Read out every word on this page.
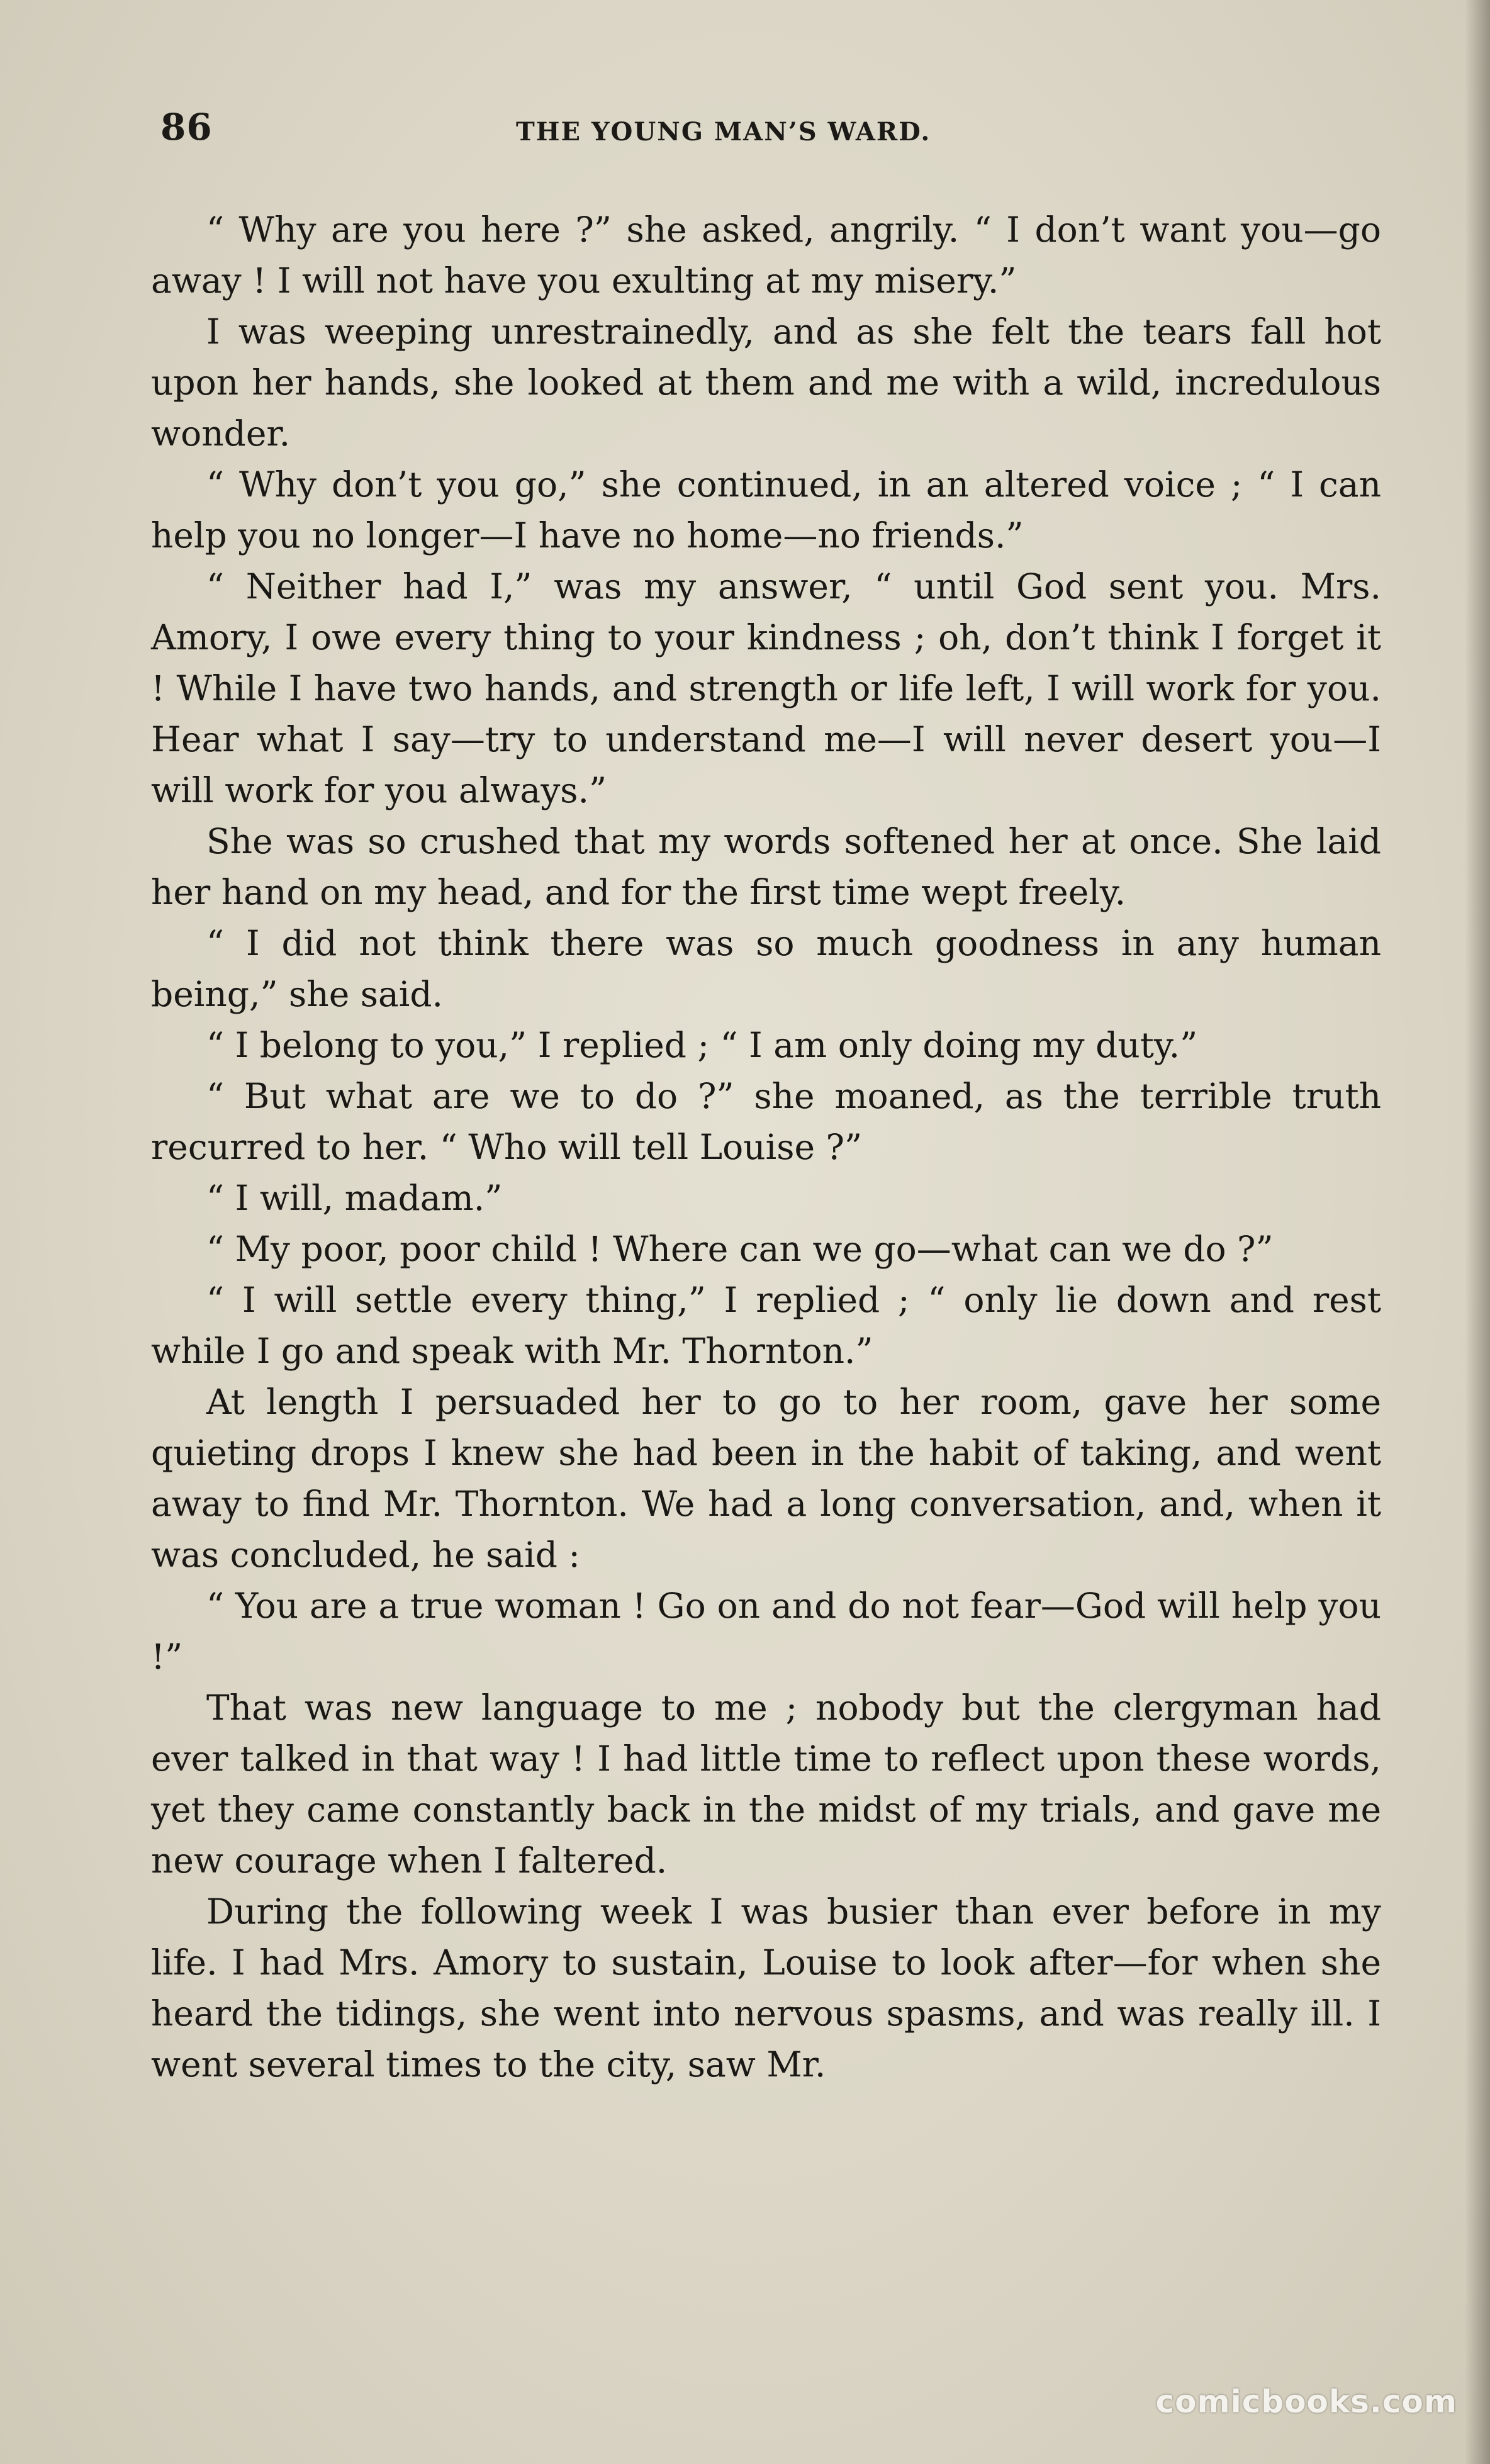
86	THE YOUNG MAN’S WARD.

“ Why are you here ?” she asked, angrily. “ I don’t want you—go away ! I will not have you exulting at my misery.”

I was weeping unrestrainedly, and as she felt the tears fall hot upon her hands, she looked at them and me with a wild, incredulous wonder.

“ Why don’t you go,” she continued, in an altered voice ; “ I can help you no longer—I have no home—no friends.”

“ Neither had I,” was my answer, “ until God sent you. Mrs. Amory, I owe every thing to your kindness ; oh, don’t think I forget it ! While I have two hands, and strength or life left, I will work for you. Hear what I say—try to understand me—I will never desert you—I will work for you always.”

She was so crushed that my words softened her at once. She laid her hand on my head, and for the first time wept freely.

“ I did not think there was so much goodness in any human being,” she said.

“ I belong to you,” I replied ; “ I am only doing my duty.”

“ But what are we to do ?” she moaned, as the terrible truth recurred to her. “ Who will tell Louise ?”

“ I will, madam.”

“ My poor, poor child ! Where can we go—what can we do ?”

“ I will settle every thing,” I replied ; “ only lie down and rest while I go and speak with Mr. Thornton.”

At length I persuaded her to go to her room, gave her some quieting drops I knew she had been in the habit of taking, and went away to find Mr. Thornton. We had a long conversation, and, when it was concluded, he said :

“ You are a true woman ! Go on and do not fear—God will help you !”

That was new language to me ; nobody but the clergyman had ever talked in that way ! I had little time to reflect upon these words, yet they came constantly back in the midst of my trials, and gave me new courage when I faltered.

During the following week I was busier than ever before in my life. I had Mrs. Amory to sustain, Louise to look after—for when she heard the tidings, she went into nervous spasms, and was really ill. I went several times to the city, saw Mr.

comicbooks.com
